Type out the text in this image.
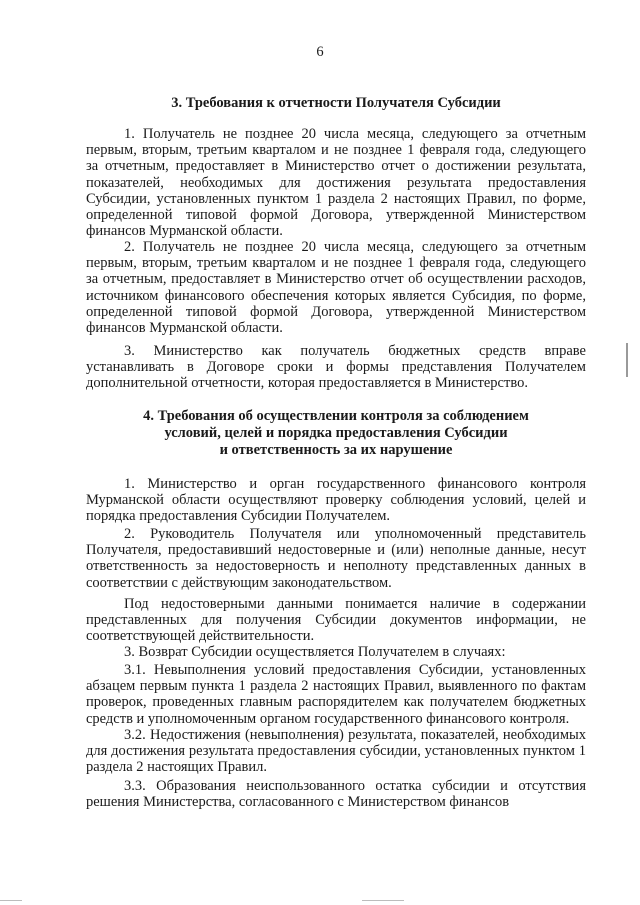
6
3. Требования к отчетности Получателя Субсидии

1. Получатель не позднее 20 числа месяца, следующего за отчетным первым, вторым, третьим кварталом и не позднее 1 февраля года, следующего за отчетным, предоставляет в Министерство отчет о достижении результата, показателей, необходимых для достижения результата предоставления Субсидии, установленных пунктом 1 раздела 2 настоящих Правил, по форме, определенной типовой формой Договора, утвержденной Министерством финансов Мурманской области.

2. Получатель не позднее 20 числа месяца, следующего за отчетным первым, вторым, третьим кварталом и не позднее 1 февраля года, следующего за отчетным, предоставляет в Министерство отчет об осуществлении расходов, источником финансового обеспечения которых является Субсидия, по форме, определенной типовой формой Договора, утвержденной Министерством финансов Мурманской области.

3. Министерство как получатель бюджетных средств вправе устанавливать в Договоре сроки и формы представления Получателем дополнительной отчетности, которая предоставляется в Министерство.

4. Требования об осуществлении контроля за соблюдением
условий, целей и порядка предоставления Субсидии
и ответственность за их нарушение

1. Министерство и орган государственного финансового контроля Мурманской области осуществляют проверку соблюдения условий, целей и порядка предоставления Субсидии Получателем.

2. Руководитель Получателя или уполномоченный представитель Получателя, предоставивший недостоверные и (или) неполные данные, несут ответственность за недостоверность и неполноту представленных данных в соответствии с действующим законодательством.

Под недостоверными данными понимается наличие в содержании представленных для получения Субсидии документов информации, не соответствующей действительности.

3. Возврат Субсидии осуществляется Получателем в случаях:

3.1. Невыполнения условий предоставления Субсидии, установленных абзацем первым пункта 1 раздела 2 настоящих Правил, выявленного по фактам проверок, проведенных главным распорядителем как получателем бюджетных средств и уполномоченным органом государственного финансового контроля.

3.2. Недостижения (невыполнения) результата, показателей, необходимых для достижения результата предоставления субсидии, установленных пунктом 1 раздела 2 настоящих Правил.

3.3. Образования неиспользованного остатка субсидии и отсутствия решения Министерства, согласованного с Министерством финансов
